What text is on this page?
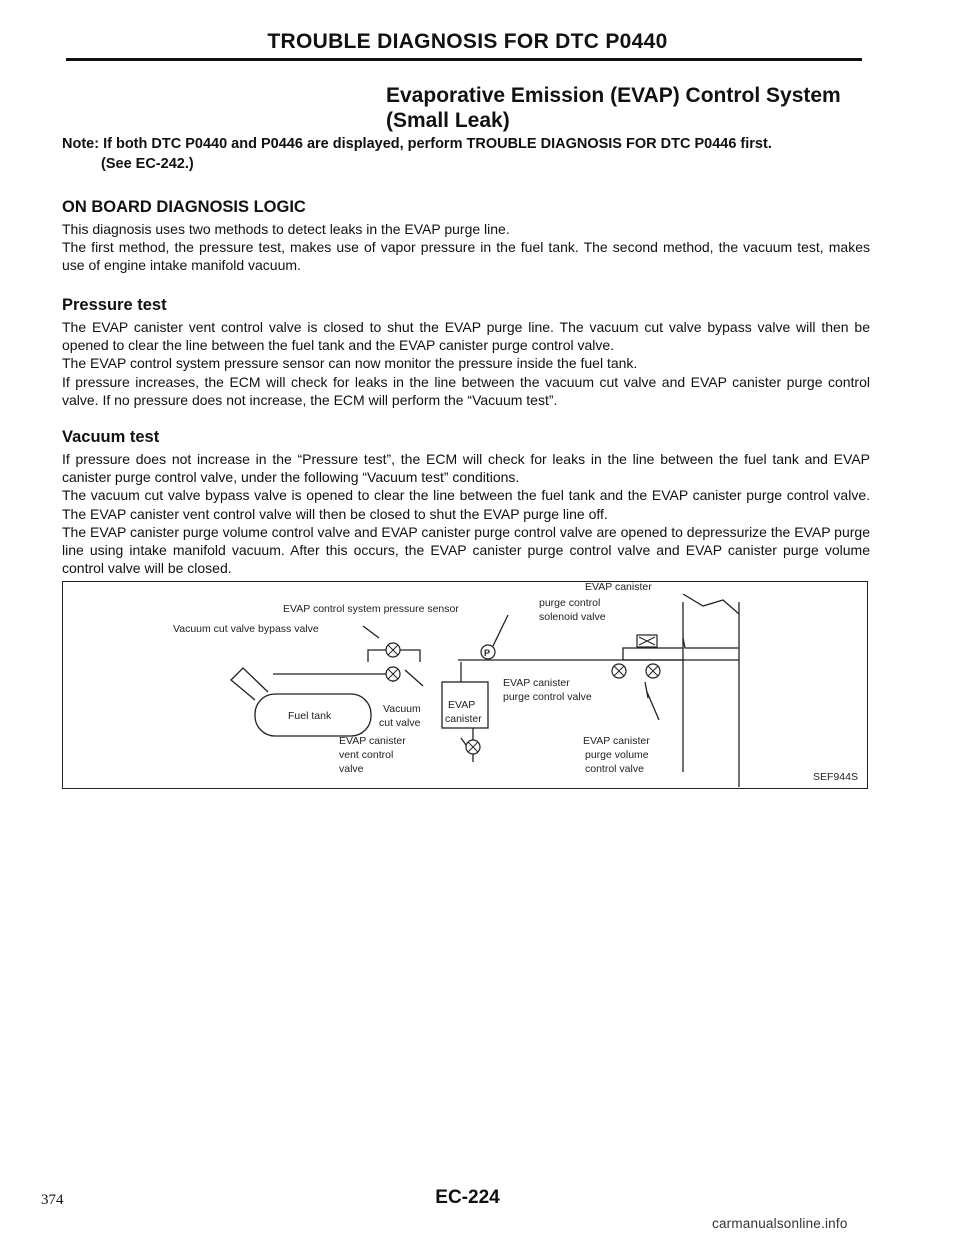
TROUBLE DIAGNOSIS FOR DTC P0440
Evaporative Emission (EVAP) Control System
(Small Leak)
Note: If both DTC P0440 and P0446 are displayed, perform TROUBLE DIAGNOSIS FOR DTC P0446 first.
(See EC-242.)
ON BOARD DIAGNOSIS LOGIC

This diagnosis uses two methods to detect leaks in the EVAP purge line.

The first method, the pressure test, makes use of vapor pressure in the fuel tank. The second method, the vacuum test, makes use of engine intake manifold vacuum.

Pressure test

The EVAP canister vent control valve is closed to shut the EVAP purge line. The vacuum cut valve bypass valve will then be opened to clear the line between the fuel tank and the EVAP canister purge control valve.

The EVAP control system pressure sensor can now monitor the pressure inside the fuel tank.

If pressure increases, the ECM will check for leaks in the line between the vacuum cut valve and EVAP canister purge control valve. If no pressure does not increase, the ECM will perform the “Vacuum test”.

Vacuum test

If pressure does not increase in the “Pressure test”, the ECM will check for leaks in the line between the fuel tank and EVAP canister purge control valve, under the following “Vacuum test” conditions.

The vacuum cut valve bypass valve is opened to clear the line between the fuel tank and the EVAP canister purge control valve. The EVAP canister vent control valve will then be closed to shut the EVAP purge line off.

The EVAP canister purge volume control valve and EVAP canister purge control valve are opened to depressurize the EVAP purge line using intake manifold vacuum. After this occurs, the EVAP canister purge control valve and EVAP canister purge volume control valve will be closed.

P
EVAP control system pressure sensor
Vacuum cut valve bypass valve
EVAP canister
purge control
solenoid valve
Fuel tank
Vacuum
cut valve
EVAP
canister
EVAP canister
purge control valve
EVAP canister
vent control
valve
EVAP canister
purge volume
control valve
SEF944S
374	EC-224
carmanualsonline.info
